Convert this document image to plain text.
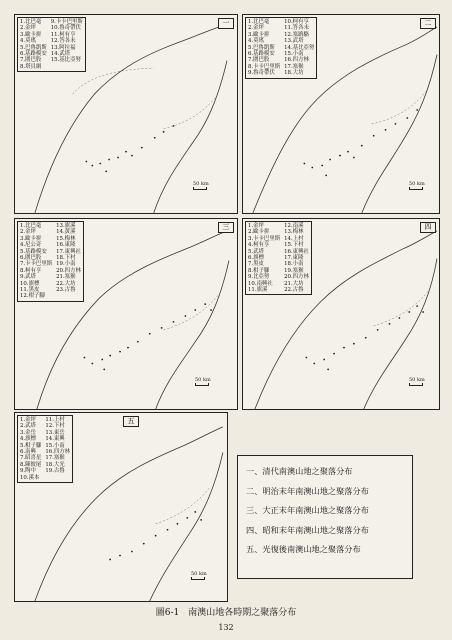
1.比巴毫	9.卡卡巴里斯
2.金坪	10.魯奇帶伏
3.歐卡拼	11.柯有亨
4.莫瑤	12.答各未
5.巴魯凱斯 13.阿拉福
6.基路模安 14.武塔
7.圍巴股	15.基比亞努
8.塔貝網
一
50 km
1.比巴毫	10.柯有亨
2.金坪	11.答各未
3.歐卡拼	12.塞路駱
4.莫瑤	13.武塔
5.巴魯凱斯	14.基比亞努
6.基路模安	15.小南
7.圍巴股	16.四方林
8.卡卡巴里斯 17.塞猴
9.魯奇帶伏	18.大坊
二
50 km
1.比巴毫	13.旗溪
2.金坪	14.黃溪
3.歐卡拼	15.梅林
4.尼公奇	16.東隆
5.基路模安	17.東興社
6.圍巴股	18.下村
7.卡卡巴里斯 19.小南
8.柯有亨	20.四方林
9.武塔	21.塞猴
10.旗標	22.大坊
11.黑皮	23.古魯
12.柑子腳
三
50 km
1.金坪	12.南溪
2.歐卡拼	13.梅林
3.卡卡巴里斯 14.上村
4.柯有亨	15.下村
5.武塔	16.東興社
6.旗標	17.東隆
7.黑皮	18.小南
8.柑子腳	19.塞猴
9.比亞努	20.四方林
10.南興社	21.大坊
11.旗溪	22.古魯
四
50 km
1.金坪	11.上村
2.武塔	12.下村
3.金岳	13.東岳
4.旗標	14.東興
5.柑子腳 15.小南
6.南興	16.四方林
7.昭喜星 17.塞猴
8.陳彼尾 18.大光
9.陶中	19.古魯
10.溪本
五
50 km
一、清代南澳山地之聚落分布
二、明治末年南澳山地之聚落分布
三、大正末年南澳山地之聚落分布
四、昭和末年南澳山地之聚落分布
五、光復後南澳山地之聚落分布
圖6-1　南澳山地各時期之聚落分布
132
